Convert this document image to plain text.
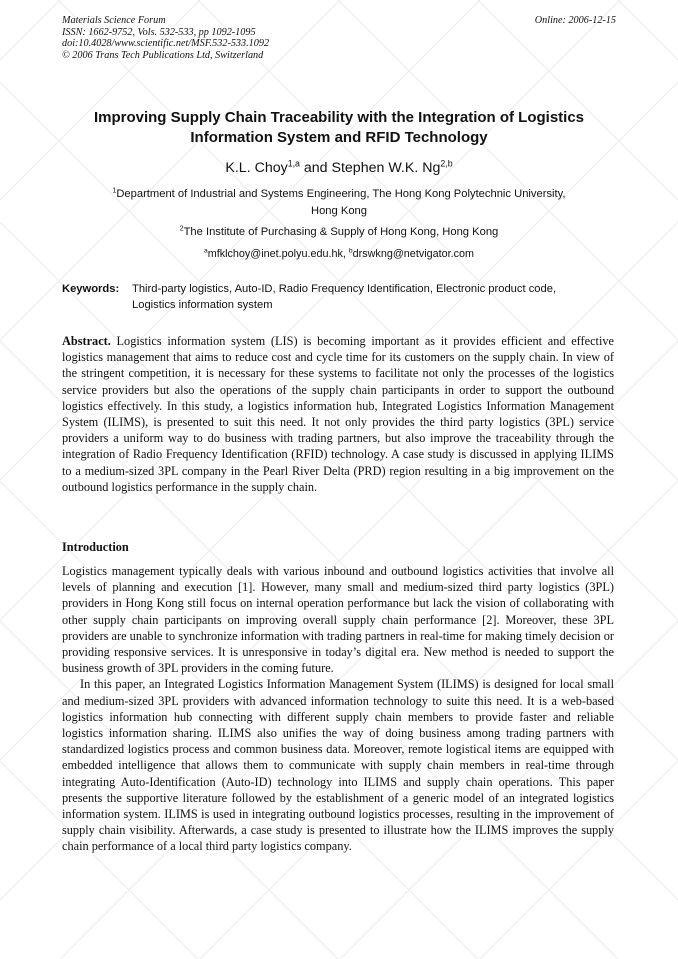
Materials Science Forum	Online: 2006-12-15
ISSN: 1662-9752, Vols. 532-533, pp 1092-1095
doi:10.4028/www.scientific.net/MSF.532-533.1092
© 2006 Trans Tech Publications Ltd, Switzerland
Improving Supply Chain Traceability with the Integration of Logistics
Information System and RFID Technology
K.L. Choy$^{1,a}$ and Stephen W.K. Ng$^{2,b}$
$^1$Department of Industrial and Systems Engineering, The Hong Kong Polytechnic University,
Hong Kong
$^2$The Institute of Purchasing & Supply of Hong Kong, Hong Kong
$^a$mfklchoy@inet.polyu.edu.hk, $^b$drswkng@netvigator.com
Keywords:	Third-party logistics, Auto-ID, Radio Frequency Identification, Electronic product code,
Logistics information system
Abstract. Logistics information system (LIS) is becoming important as it provides efficient and effective logistics management that aims to reduce cost and cycle time for its customers on the supply chain. In view of the stringent competition, it is necessary for these systems to facilitate not only the processes of the logistics service providers but also the operations of the supply chain participants in order to support the outbound logistics effectively. In this study, a logistics information hub, Integrated Logistics Information Management System (ILIMS), is presented to suit this need. It not only provides the third party logistics (3PL) service providers a uniform way to do business with trading partners, but also improve the traceability through the integration of Radio Frequency Identification (RFID) technology. A case study is discussed in applying ILIMS to a medium-sized 3PL company in the Pearl River Delta (PRD) region resulting in a big improvement on the outbound logistics performance in the supply chain.
Introduction

Logistics management typically deals with various inbound and outbound logistics activities that involve all levels of planning and execution [1]. However, many small and medium-sized third party logistics (3PL) providers in Hong Kong still focus on internal operation performance but lack the vision of collaborating with other supply chain participants on improving overall supply chain performance [2]. Moreover, these 3PL providers are unable to synchronize information with trading partners in real-time for making timely decision or providing responsive services. It is unresponsive in today’s digital era. New method is needed to support the business growth of 3PL providers in the coming future.

In this paper, an Integrated Logistics Information Management System (ILIMS) is designed for local small and medium-sized 3PL providers with advanced information technology to suite this need. It is a web-based logistics information hub connecting with different supply chain members to provide faster and reliable logistics information sharing. ILIMS also unifies the way of doing business among trading partners with standardized logistics process and common business data. Moreover, remote logistical items are equipped with embedded intelligence that allows them to communicate with supply chain members in real-time through integrating Auto-Identification (Auto-ID) technology into ILIMS and supply chain operations. This paper presents the supportive literature followed by the establishment of a generic model of an integrated logistics information system. ILIMS is used in integrating outbound logistics processes, resulting in the improvement of supply chain visibility. Afterwards, a case study is presented to illustrate how the ILIMS improves the supply chain performance of a local third party logistics company.
